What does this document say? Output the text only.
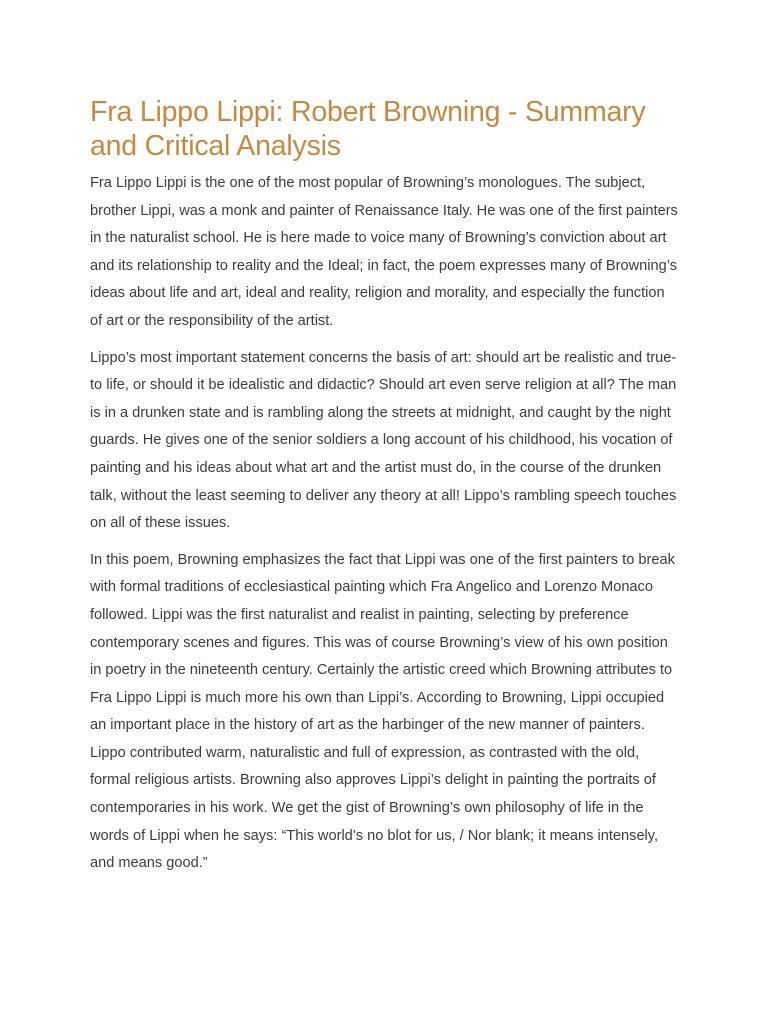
Fra Lippo Lippi: Robert Browning - Summary and Critical Analysis

Fra Lippo Lippi is the one of the most popular of Browning’s monologues. The subject, brother Lippi, was a monk and painter of Renaissance Italy. He was one of the first painters in the naturalist school. He is here made to voice many of Browning’s conviction about art and its relationship to reality and the Ideal; in fact, the poem expresses many of Browning’s ideas about life and art, ideal and reality, religion and morality, and especially the function of art or the responsibility of the artist.

Lippo’s most important statement concerns the basis of art: should art be realistic and true- to life, or should it be idealistic and didactic? Should art even serve religion at all? The man is in a drunken state and is rambling along the streets at midnight, and caught by the night guards. He gives one of the senior soldiers a long account of his childhood, his vocation of painting and his ideas about what art and the artist must do, in the course of the drunken talk, without the least seeming to deliver any theory at all! Lippo’s rambling speech touches on all of these issues.

In this poem, Browning emphasizes the fact that Lippi was one of the first painters to break with formal traditions of ecclesiastical painting which Fra Angelico and Lorenzo Monaco followed. Lippi was the first naturalist and realist in painting, selecting by preference contemporary scenes and figures. This was of course Browning’s view of his own position in poetry in the nineteenth century. Certainly the artistic creed which Browning attributes to Fra Lippo Lippi is much more his own than Lippi’s. According to Browning, Lippi occupied an important place in the history of art as the harbinger of the new manner of painters. Lippo contributed warm, naturalistic and full of expression, as contrasted with the old, formal religious artists. Browning also approves Lippi’s delight in painting the portraits of contemporaries in his work. We get the gist of Browning’s own philosophy of life in the words of Lippi when he says: “This world’s no blot for us, / Nor blank; it means intensely, and means good.”
